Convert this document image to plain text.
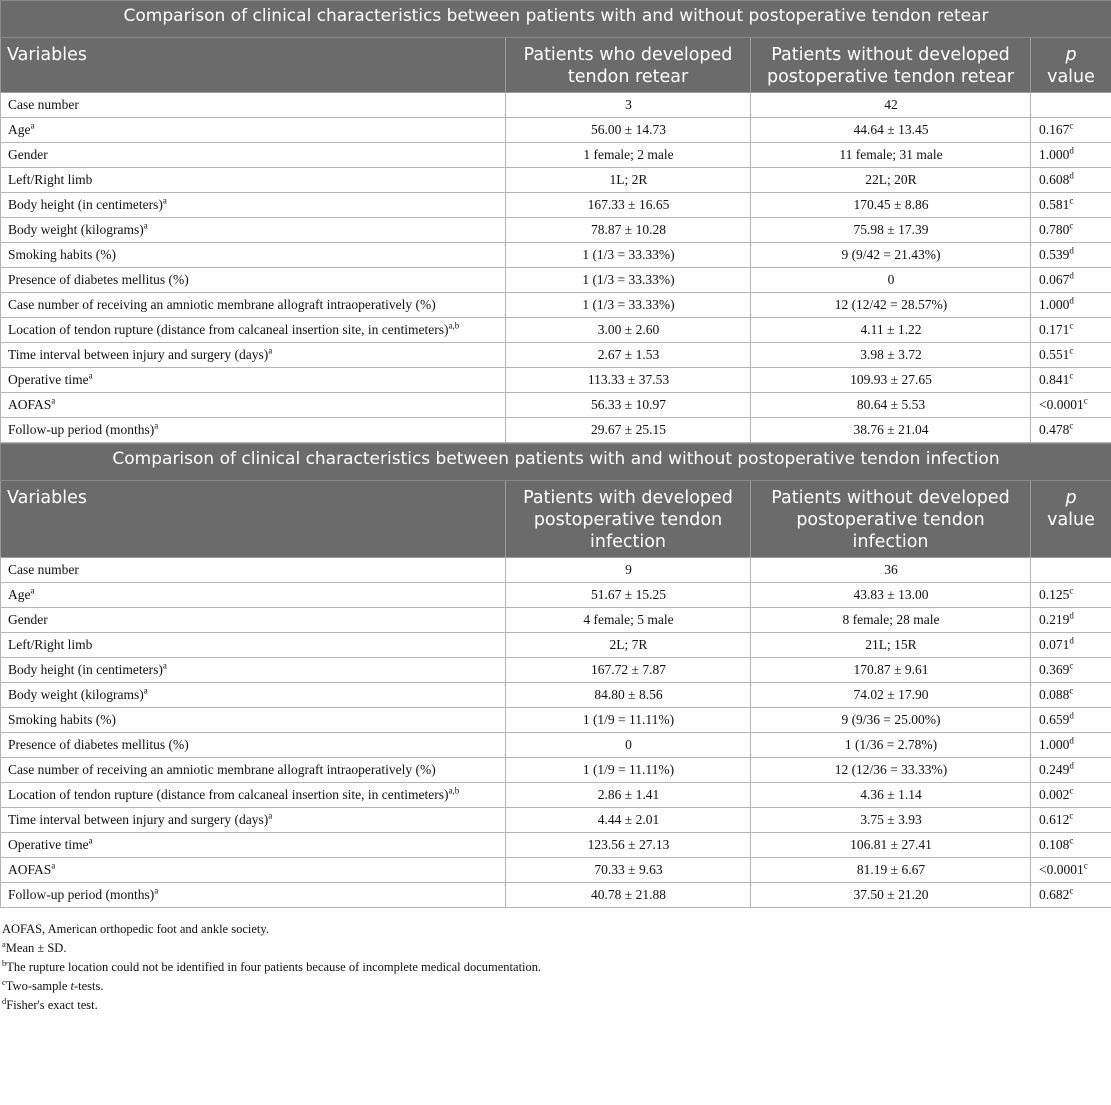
Comparison of clinical characteristics between patients with and without postoperative tendon retear			
Variables	Patients who developed tendon retear	Patients without developed postoperative tendon retear	p
value
Case number	3	42	
Age$^a$	56.00 ± 14.73	44.64 ± 13.45	0.167$^c$
Gender	1 female; 2 male	11 female; 31 male	1.000$^d$
Left/Right limb	1L; 2R	22L; 20R	0.608$^d$
Body height (in centimeters)$^a$	167.33 ± 16.65	170.45 ± 8.86	0.581$^c$
Body weight (kilograms)$^a$	78.87 ± 10.28	75.98 ± 17.39	0.780$^c$
Smoking habits (%)	1 (1/3 = 33.33%)	9 (9/42 = 21.43%)	0.539$^d$
Presence of diabetes mellitus (%)	1 (1/3 = 33.33%)	0	0.067$^d$
Case number of receiving an amniotic membrane allograft intraoperatively (%)	1 (1/3 = 33.33%)	12 (12/42 = 28.57%)	1.000$^d$
Location of tendon rupture (distance from calcaneal insertion site, in centimeters)$^{a,b}$	3.00 ± 2.60	4.11 ± 1.22	0.171$^c$
Time interval between injury and surgery (days)$^a$	2.67 ± 1.53	3.98 ± 3.72	0.551$^c$
Operative time$^a$	113.33 ± 37.53	109.93 ± 27.65	0.841$^c$
AOFAS$^a$	56.33 ± 10.97	80.64 ± 5.53	<0.0001$^c$
Follow-up period (months)$^a$	29.67 ± 25.15	38.76 ± 21.04	0.478$^c$
Comparison of clinical characteristics between patients with and without postoperative tendon infection			
Variables	Patients with developed postoperative tendon infection	Patients without developed postoperative tendon infection	p
value
Case number	9	36	
Age$^a$	51.67 ± 15.25	43.83 ± 13.00	0.125$^c$
Gender	4 female; 5 male	8 female; 28 male	0.219$^d$
Left/Right limb	2L; 7R	21L; 15R	0.071$^d$
Body height (in centimeters)$^a$	167.72 ± 7.87	170.87 ± 9.61	0.369$^c$
Body weight (kilograms)$^a$	84.80 ± 8.56	74.02 ± 17.90	0.088$^c$
Smoking habits (%)	1 (1/9 = 11.11%)	9 (9/36 = 25.00%)	0.659$^d$
Presence of diabetes mellitus (%)	0	1 (1/36 = 2.78%)	1.000$^d$
Case number of receiving an amniotic membrane allograft intraoperatively (%)	1 (1/9 = 11.11%)	12 (12/36 = 33.33%)	0.249$^d$
Location of tendon rupture (distance from calcaneal insertion site, in centimeters)$^{a,b}$	2.86 ± 1.41	4.36 ± 1.14	0.002$^c$
Time interval between injury and surgery (days)$^a$	4.44 ± 2.01	3.75 ± 3.93	0.612$^c$
Operative time$^a$	123.56 ± 27.13	106.81 ± 27.41	0.108$^c$
AOFAS$^a$	70.33 ± 9.63	81.19 ± 6.67	<0.0001$^c$
Follow-up period (months)$^a$	40.78 ± 21.88	37.50 ± 21.20	0.682$^c$
AOFAS, American orthopedic foot and ankle society.
$^a$Mean ± SD.
$^b$The rupture location could not be identified in four patients because of incomplete medical documentation.
$^c$Two-sample t-tests.
$^d$Fisher's exact test.
